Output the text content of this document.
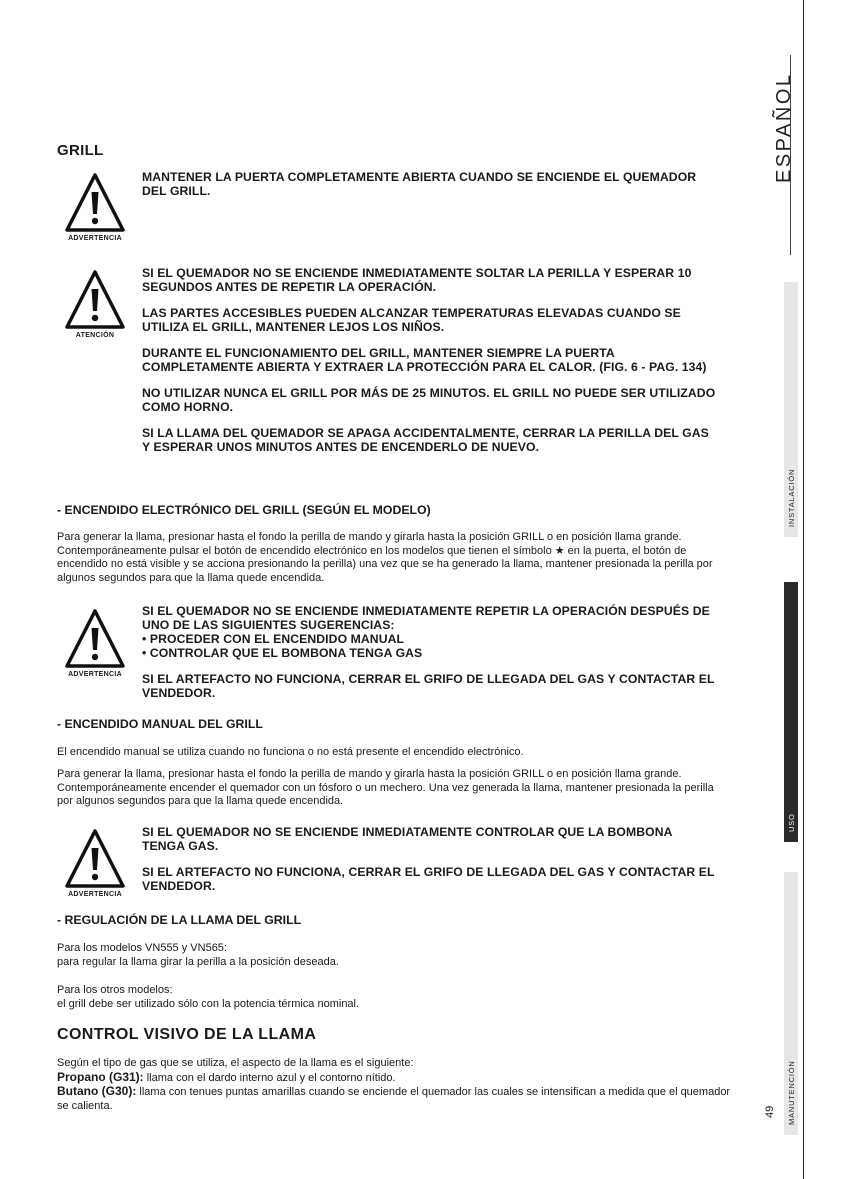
ESPAÑOL
INSTALACIÓN
USO
MANUTENCIÓN
49
GRILL
ADVERTENCIA

MANTENER LA PUERTA COMPLETAMENTE ABIERTA CUANDO SE ENCIENDE EL QUEMADOR DEL GRILL.

ATENCIÓN

SI EL QUEMADOR NO SE ENCIENDE INMEDIATAMENTE SOLTAR LA PERILLA Y ESPERAR 10 SEGUNDOS ANTES DE REPETIR LA OPERACIÓN.

LAS PARTES ACCESIBLES PUEDEN ALCANZAR TEMPERATURAS ELEVADAS CUANDO SE UTILIZA EL GRILL, MANTENER LEJOS LOS NIÑOS.

DURANTE EL FUNCIONAMIENTO DEL GRILL, MANTENER SIEMPRE LA PUERTA COMPLETAMENTE ABIERTA Y EXTRAER LA PROTECCIÓN PARA EL CALOR. (FIG. 6 - PAG. 134)

NO UTILIZAR NUNCA EL GRILL POR MÁS DE 25 MINUTOS. EL GRILL NO PUEDE SER UTILIZADO COMO HORNO.

SI LA LLAMA DEL QUEMADOR SE APAGA ACCIDENTALMENTE, CERRAR LA PERILLA DEL GAS Y ESPERAR UNOS MINUTOS ANTES DE ENCENDERLO DE NUEVO.

- ENCENDIDO ELECTRÓNICO DEL GRILL (SEGÚN EL MODELO)

Para generar la llama, presionar hasta el fondo la perilla de mando y girarla hasta la posición GRILL o en posición llama grande. Contemporáneamente pulsar el botón de encendido electrónico en los modelos que tienen el símbolo ★ en la puerta, el botón de encendido no está visible y se acciona presionando la perilla) una vez que se ha generado la llama, mantener presionada la perilla por algunos segundos para que la llama quede encendida.

ADVERTENCIA

SI EL QUEMADOR NO SE ENCIENDE INMEDIATAMENTE REPETIR LA OPERACIÓN DESPUÉS DE UNO DE LAS SIGUIENTES SUGERENCIAS:
• PROCEDER CON EL ENCENDIDO MANUAL
• CONTROLAR QUE EL BOMBONA TENGA GAS

SI EL ARTEFACTO NO FUNCIONA, CERRAR EL GRIFO DE LLEGADA DEL GAS Y CONTACTAR EL VENDEDOR.

- ENCENDIDO MANUAL DEL GRILL

El encendido manual se utiliza cuando no funciona o no está presente el encendido electrónico.

Para generar la llama, presionar hasta el fondo la perilla de mando y girarla hasta la posición GRILL o en posición llama grande. Contemporáneamente encender el quemador con un fósforo o un mechero. Una vez generada la llama, mantener presionada la perilla por algunos segundos para que la llama quede encendida.

ADVERTENCIA

SI EL QUEMADOR NO SE ENCIENDE INMEDIATAMENTE CONTROLAR QUE LA BOMBONA TENGA GAS.

SI EL ARTEFACTO NO FUNCIONA, CERRAR EL GRIFO DE LLEGADA DEL GAS Y CONTACTAR EL VENDEDOR.

- REGULACIÓN DE LA LLAMA DEL GRILL

Para los modelos VN555 y VN565:
para regular la llama girar la perilla a la posición deseada.

Para los otros modelos:
el grill debe ser utilizado sólo con la potencia térmica nominal.

CONTROL VISIVO DE LA LLAMA

Según el tipo de gas que se utiliza, el aspecto de la llama es el siguiente:

Propano (G31): llama con el dardo interno azul y el contorno nítido.

Butano (G30): llama con tenues puntas amarillas cuando se enciende el quemador las cuales se intensifican a medida que el quemador se calienta.
